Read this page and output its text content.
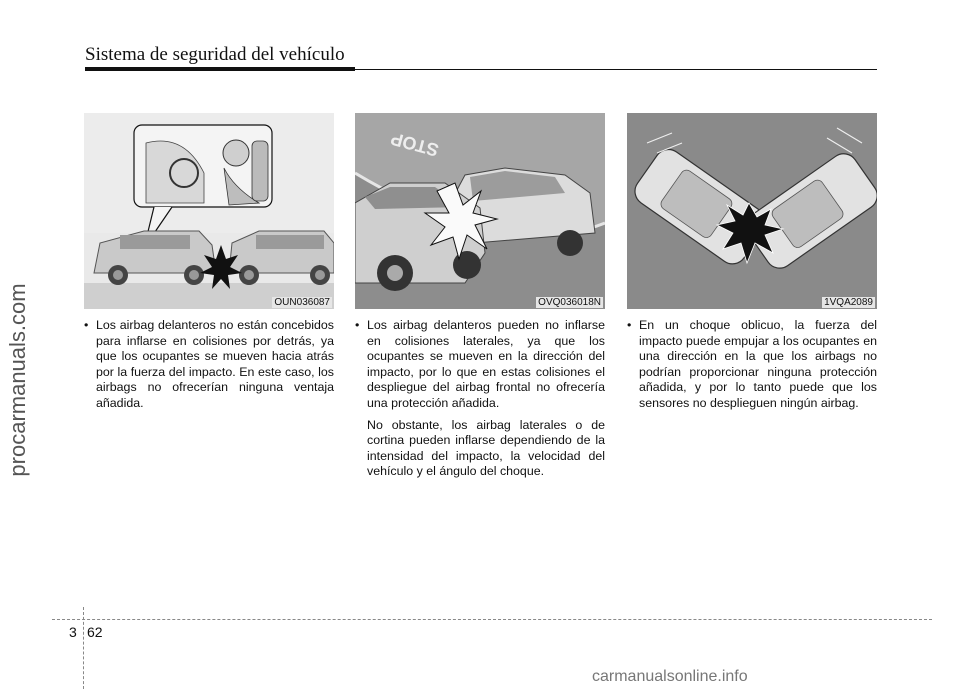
Sistema de seguridad del vehículo
procarmanuals.com	OUN036087
STOP
OVQ036018N	1VQA2089
• Los airbag delanteros no están concebidos para inflarse en colisiones por detrás, ya que los ocupantes se mueven hacia atrás por la fuerza del impacto. En este caso, los airbags no ofrecerían ninguna ventaja añadida.
• Los airbag delanteros pueden no inflarse en colisiones laterales, ya que los ocupantes se mueven en la dirección del impacto, por lo que en estas colisiones el despliegue del airbag frontal no ofrecería una protección añadida.
No obstante, los airbag laterales o de cortina pueden inflarse dependiendo de la intensidad del impacto, la velocidad del vehículo y el ángulo del choque.
• En un choque oblicuo, la fuerza del impacto puede empujar a los ocupantes en una dirección en la que los airbags no podrían proporcionar ninguna protección añadida, y por lo tanto puede que los sensores no desplieguen ningún airbag.
3 62
carmanualsonline.info
